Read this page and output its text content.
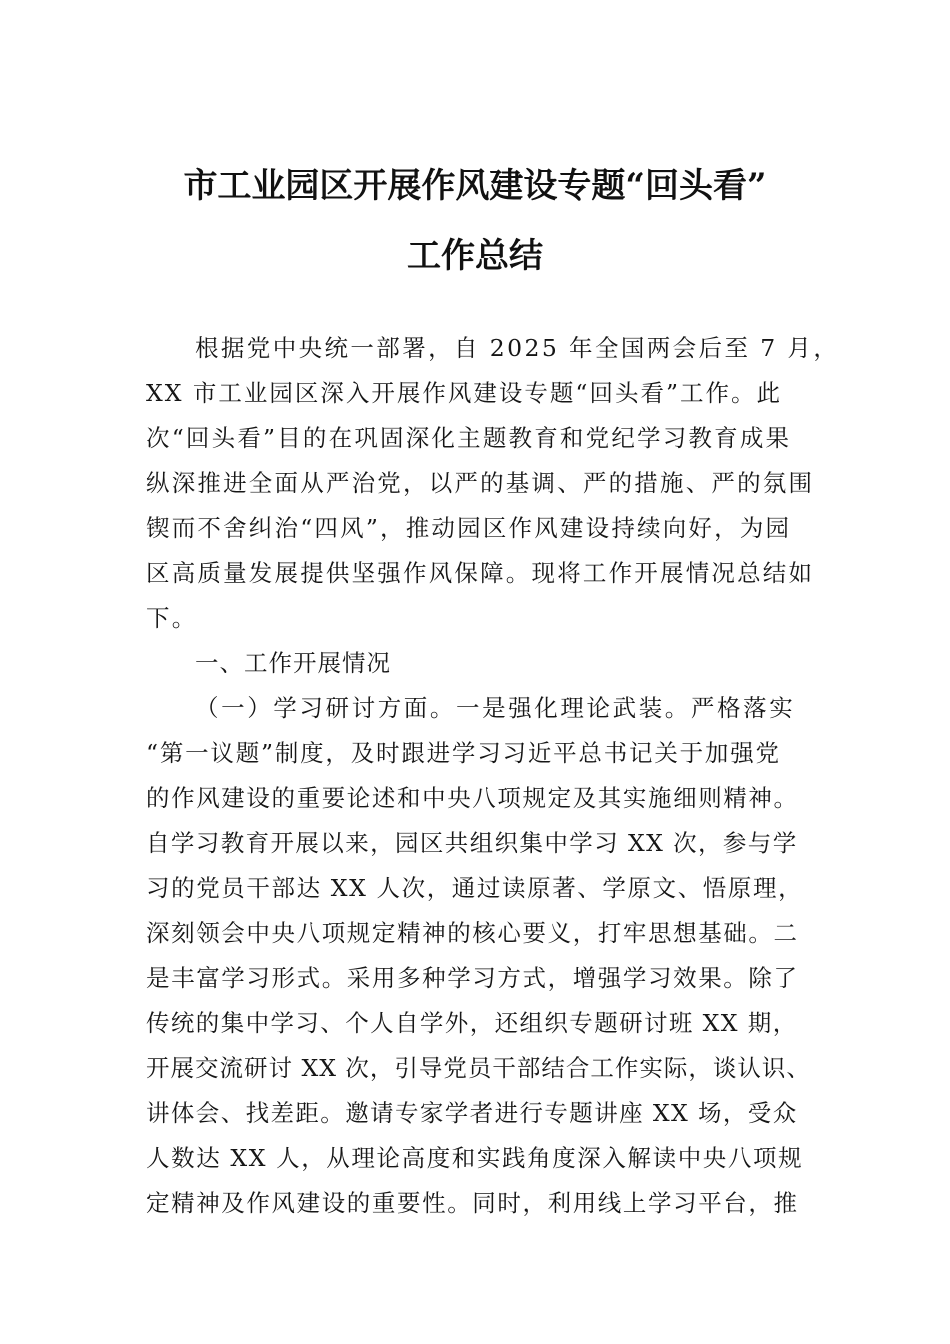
市工业园区开展作风建设专题“回头看”
工作总结
根据党中央统一部署，自 2025 年全国两会后至 7 月，
XX 市工业园区深入开展作风建设专题“回头看”工作。此
次“回头看”目的在巩固深化主题教育和党纪学习教育成果
纵深推进全面从严治党，以严的基调、严的措施、严的氛围
锲而不舍纠治“四风”，推动园区作风建设持续向好，为园
区高质量发展提供坚强作风保障。现将工作开展情况总结如
下。
一、工作开展情况
（一）学习研讨方面。一是强化理论武装。严格落实
“第一议题”制度，及时跟进学习习近平总书记关于加强党
的作风建设的重要论述和中央八项规定及其实施细则精神。
自学习教育开展以来，园区共组织集中学习 XX 次，参与学
习的党员干部达 XX 人次，通过读原著、学原文、悟原理，
深刻领会中央八项规定精神的核心要义，打牢思想基础。二
是丰富学习形式。采用多种学习方式，增强学习效果。除了
传统的集中学习、个人自学外，还组织专题研讨班 XX 期，
开展交流研讨 XX 次，引导党员干部结合工作实际，谈认识、
讲体会、找差距。邀请专家学者进行专题讲座 XX 场，受众
人数达 XX 人，从理论高度和实践角度深入解读中央八项规
定精神及作风建设的重要性。同时，利用线上学习平台，推
